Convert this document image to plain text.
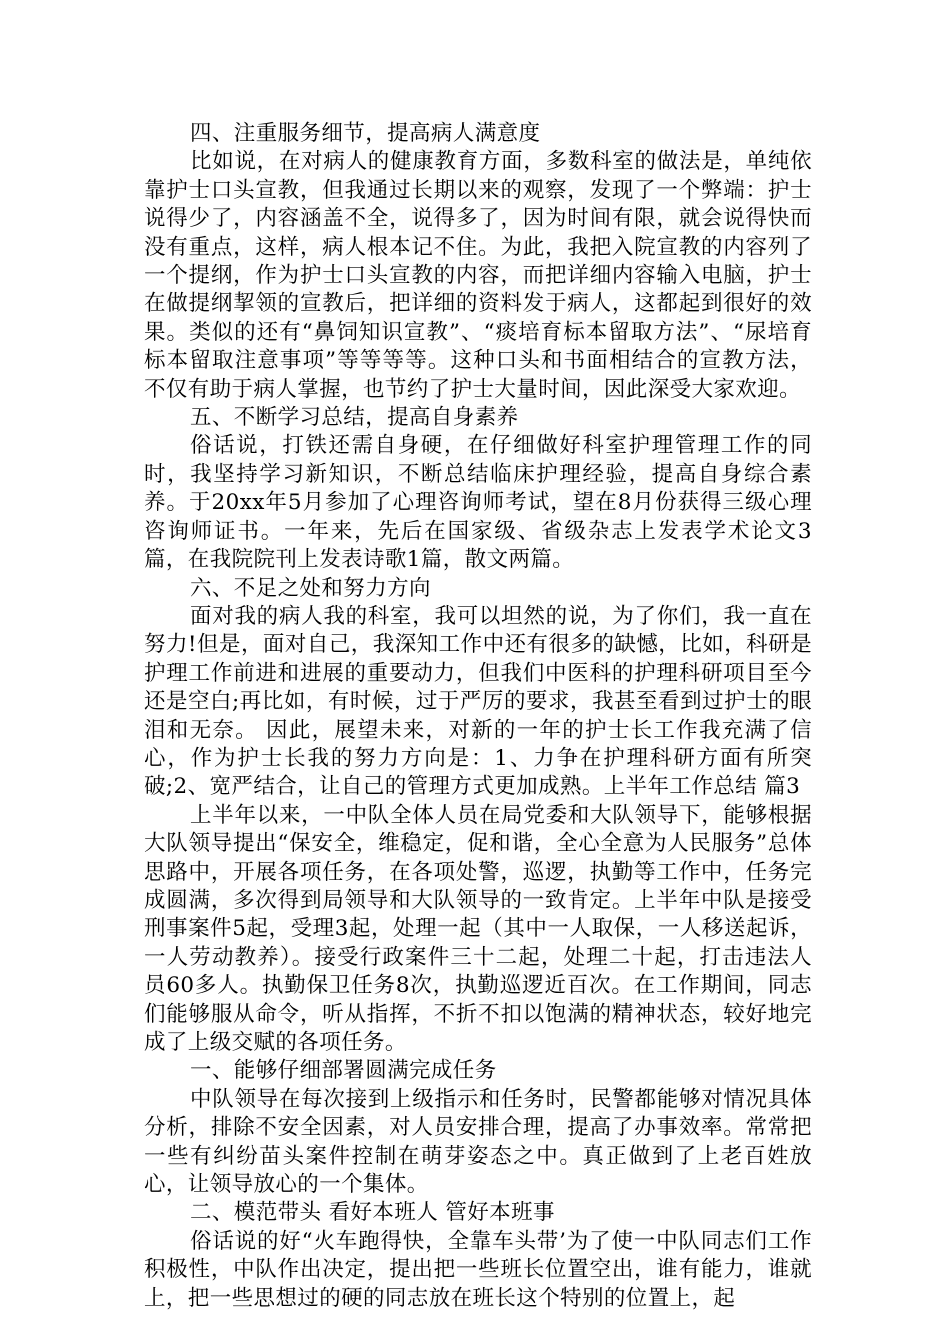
四、注重服务细节，提高病人满意度

比如说，在对病人的健康教育方面，多数科室的做法是，单纯依靠护士口头宣教，但我通过长期以来的观察，发现了一个弊端：护士说得少了，内容涵盖不全，说得多了，因为时间有限，就会说得快而没有重点，这样，病人根本记不住。为此，我把入院宣教的内容列了一个提纲，作为护士口头宣教的内容，而把详细内容输入电脑，护士在做提纲挈领的宣教后，把详细的资料发于病人，这都起到很好的效果。类似的还有“鼻饲知识宣教”、“痰培育标本留取方法”、“尿培育标本留取注意事项”等等等等。这种口头和书面相结合的宣教方法，不仅有助于病人掌握，也节约了护士大量时间，因此深受大家欢迎。

五、不断学习总结，提高自身素养

俗话说，打铁还需自身硬，在仔细做好科室护理管理工作的同时，我坚持学习新知识，不断总结临床护理经验，提高自身综合素养。于20xx年5月参加了心理咨询师考试，望在8月份获得三级心理咨询师证书。一年来，先后在国家级、省级杂志上发表学术论文3篇，在我院院刊上发表诗歌1篇，散文两篇。

六、不足之处和努力方向

面对我的病人我的科室，我可以坦然的说，为了你们，我一直在努力!但是，面对自己，我深知工作中还有很多的缺憾，比如，科研是护理工作前进和进展的重要动力，但我们中医科的护理科研项目至今还是空白;再比如，有时候，过于严厉的要求，我甚至看到过护士的眼泪和无奈。 因此，展望未来，对新的一年的护士长工作我充满了信心，作为护士长我的努力方向是：1、力争在护理科研方面有所突破;2、宽严结合，让自己的管理方式更加成熟。上半年工作总结 篇3

上半年以来，一中队全体人员在局党委和大队领导下，能够根据大队领导提出“保安全，维稳定，促和谐，全心全意为人民服务”总体思路中，开展各项任务，在各项处警，巡逻，执勤等工作中，任务完成圆满，多次得到局领导和大队领导的一致肯定。上半年中队是接受刑事案件5起，受理3起，处理一起（其中一人取保，一人移送起诉，一人劳动教养）。接受行政案件三十二起，处理二十起，打击违法人员60多人。执勤保卫任务8次，执勤巡逻近百次。在工作期间，同志们能够服从命令，听从指挥，不折不扣以饱满的精神状态，较好地完成了上级交赋的各项任务。

一、能够仔细部署圆满完成任务

中队领导在每次接到上级指示和任务时，民警都能够对情况具体分析，排除不安全因素，对人员安排合理，提高了办事效率。常常把一些有纠纷苗头案件控制在萌芽姿态之中。真正做到了上老百姓放心，让领导放心的一个集体。

二、模范带头 看好本班人 管好本班事

俗话说的好“火车跑得快，全靠车头带’为了使一中队同志们工作积极性，中队作出决定，提出把一些班长位置空出，谁有能力，谁就上，把一些思想过的硬的同志放在班长这个特别的位置上，起
